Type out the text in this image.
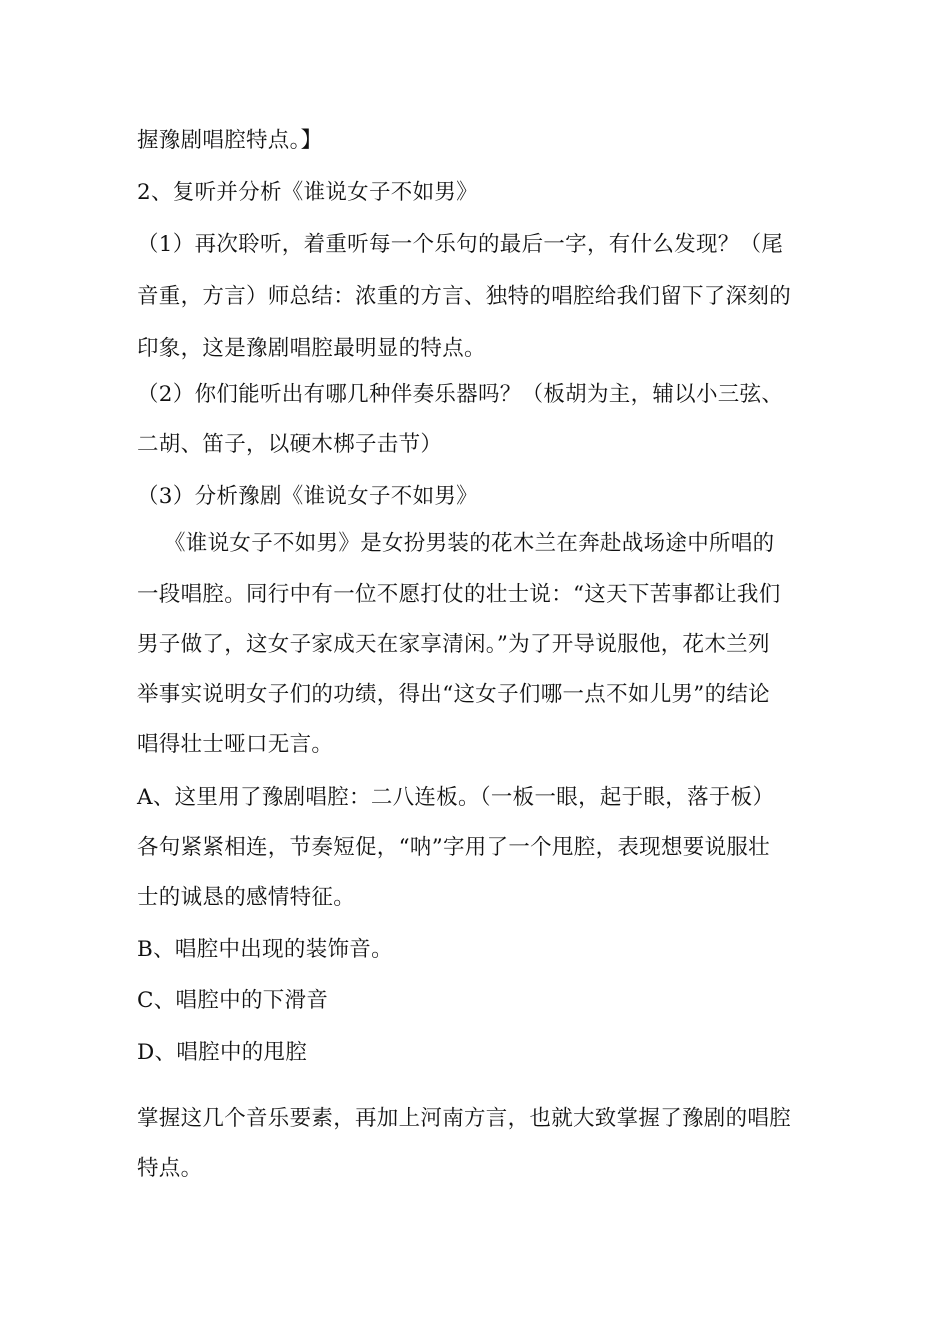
握豫剧唱腔特点。】
2、复听并分析《谁说女子不如男》
（1）再次聆听，着重听每一个乐句的最后一字，有什么发现？（尾
音重，方言）师总结：浓重的方言、独特的唱腔给我们留下了深刻的
印象，这是豫剧唱腔最明显的特点。
（2）你们能听出有哪几种伴奏乐器吗？（板胡为主，辅以小三弦、
二胡、笛子，以硬木梆子击节）
（3）分析豫剧《谁说女子不如男》
《谁说女子不如男》是女扮男装的花木兰在奔赴战场途中所唱的
一段唱腔。同行中有一位不愿打仗的壮士说：“这天下苦事都让我们
男子做了，这女子家成天在家享清闲。”为了开导说服他，花木兰列
举事实说明女子们的功绩，得出“这女子们哪一点不如儿男”的结论
唱得壮士哑口无言。
A、这里用了豫剧唱腔：二八连板。（一板一眼，起于眼，落于板）
各句紧紧相连，节奏短促，“呐”字用了一个甩腔，表现想要说服壮
士的诚恳的感情特征。
B、唱腔中出现的装饰音。
C、唱腔中的下滑音
D、唱腔中的甩腔
掌握这几个音乐要素，再加上河南方言，也就大致掌握了豫剧的唱腔
特点。
